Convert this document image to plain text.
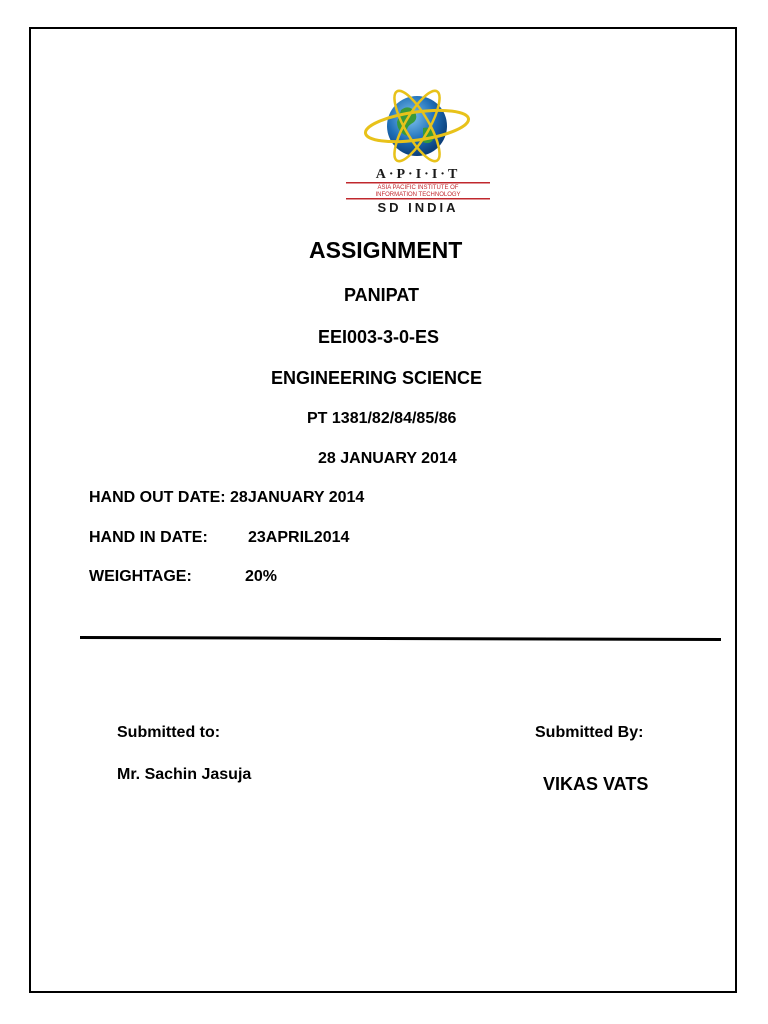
A·P·I·I·T
ASIA PACIFIC INSTITUTE OF
INFORMATION TECHNOLOGY
SD INDIA
ASSIGNMENT
PANIPAT
EEI003-3-0-ES
ENGINEERING SCIENCE
PT 1381/82/84/85/86
28 JANUARY 2014
HAND OUT DATE: 28JANUARY 2014
HAND IN DATE:	23APRIL2014
WEIGHTAGE:	20%
Submitted to:	Submitted By:
Mr. Sachin Jasuja	VIKAS VATS
